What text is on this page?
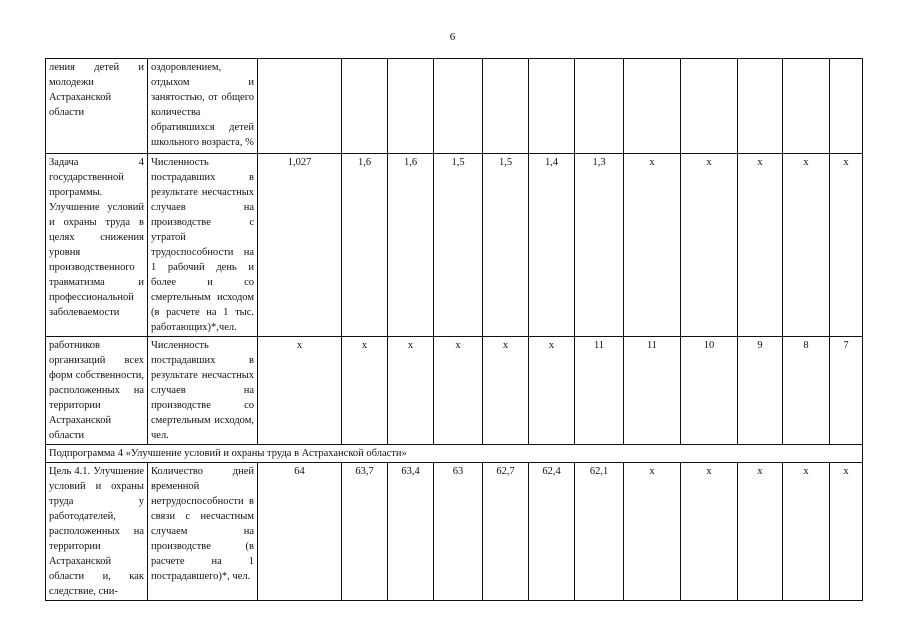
6
ления детей и молодежи Астраханской области	оздоровлением, отдыхом и занятостью, от общего количества обратившихся детей школьного возраста, %												
Задача 4 государственной программы. Улучшение условий и охраны труда в целях снижения уровня производственного травматизма и профессиональной заболеваемости	Численность пострадавших в результате несчастных случаев на производстве с утратой трудоспособности на 1 рабочий день и более и со смертельным исходом (в расчете на 1 тыс. работающих)*,чел.	1,027	1,6	1,6	1,5	1,5	1,4	1,3	x	x	x	x	x
работников организаций всех форм собственности, расположенных на территории Астраханской области	Численность пострадавших в результате несчастных случаев на производстве со смертельным исходом, чел.	x	x	x	x	x	x	11	11	10	9	8	7
Подпрограмма 4 «Улучшение условий и охраны труда в Астраханской области»													
Цель 4.1. Улучшение условий и охраны труда у работодателей, расположенных на территории Астраханской области и, как следствие, сни-	Количество дней временной нетрудоспособности в связи с несчастным случаем на производстве (в расчете на 1 пострадавшего)*, чел.	64	63,7	63,4	63	62,7	62,4	62,1	x	x	x	x	x
